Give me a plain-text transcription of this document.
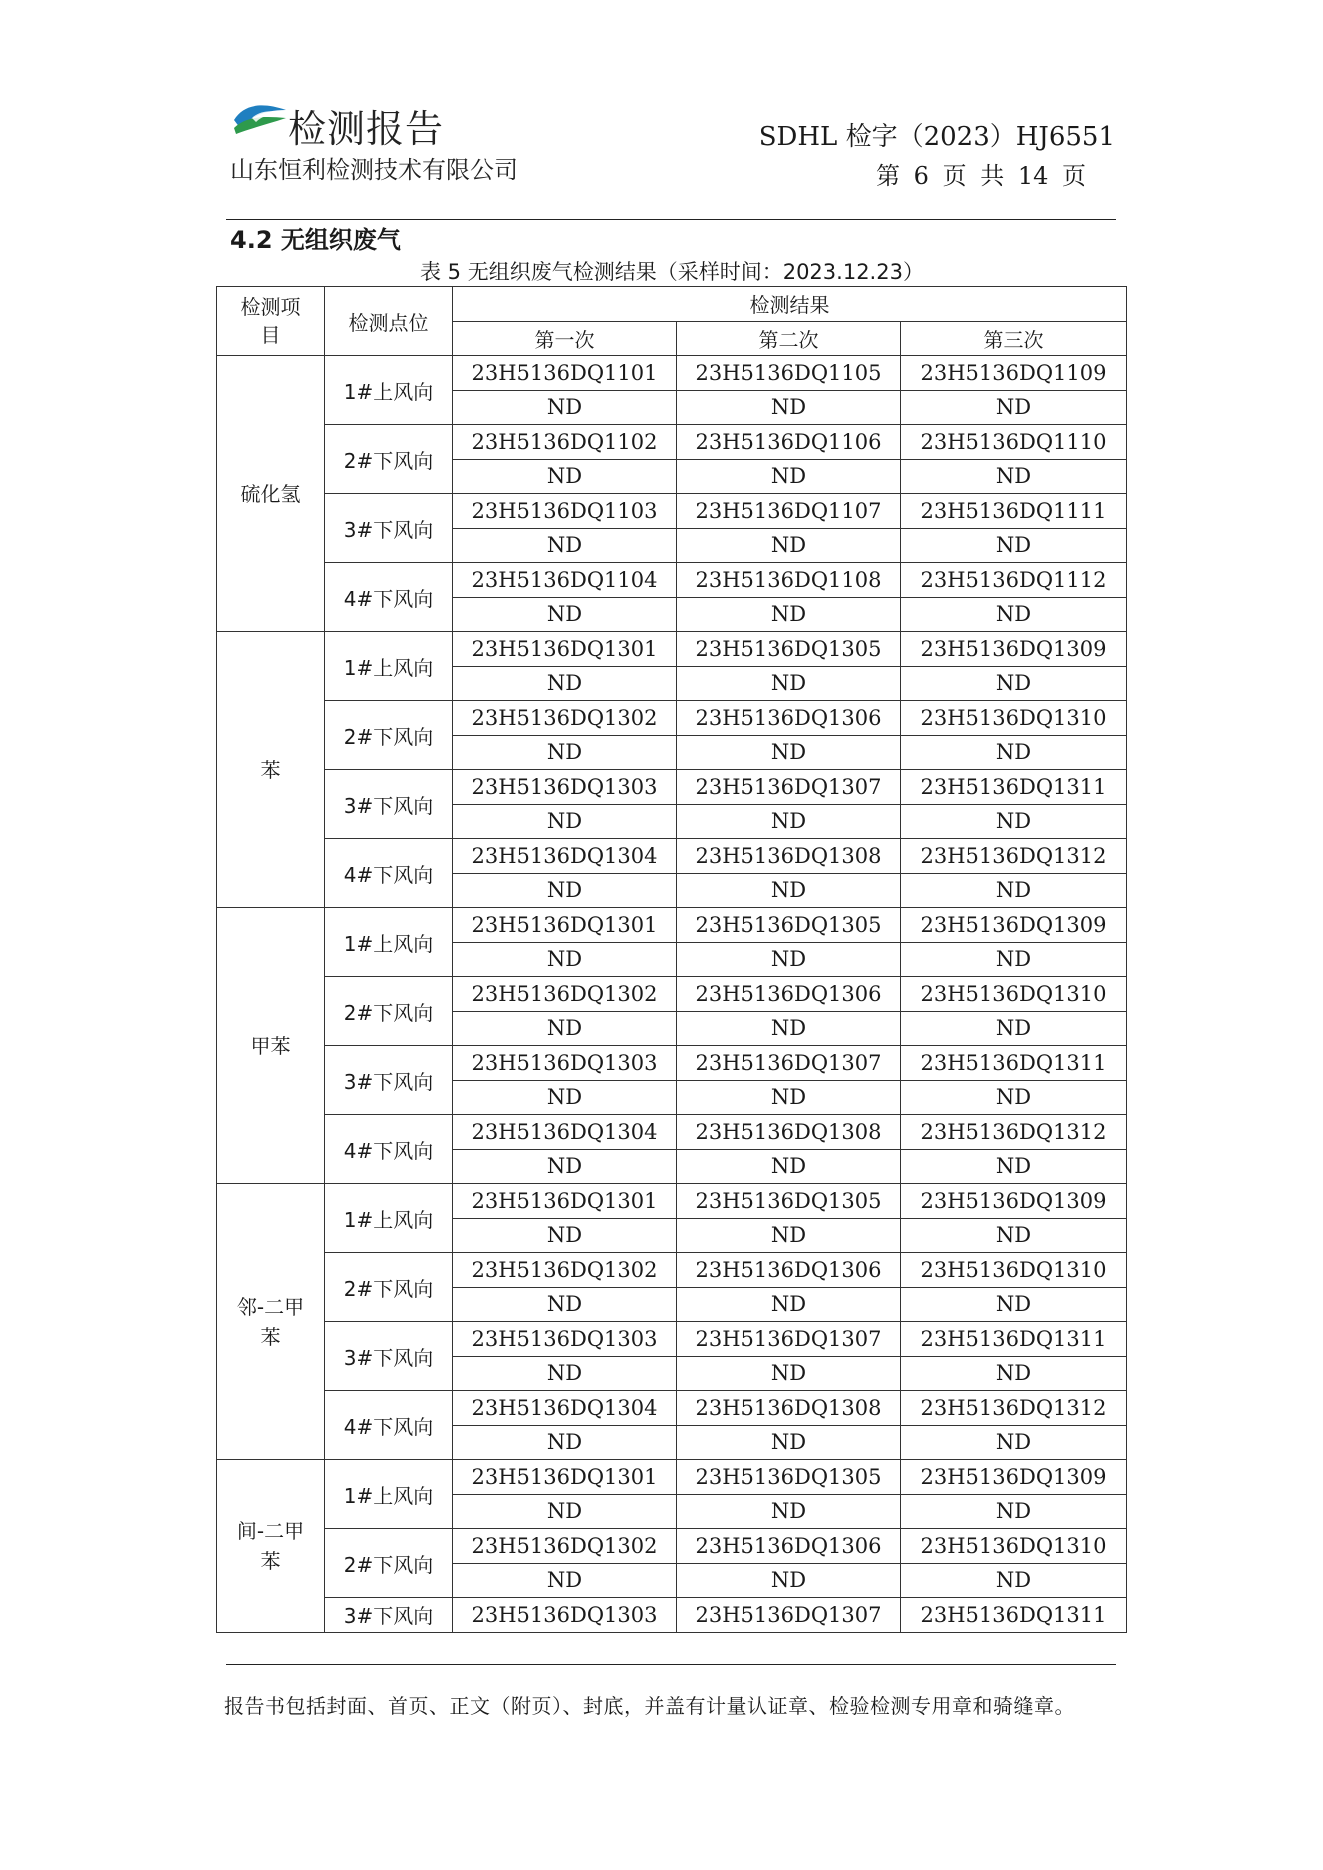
检测报告
山东恒利检测技术有限公司
SDHL 检字（2023）HJ6551
第 6 页 共 14 页
4.2 无组织废气
表 5 无组织废气检测结果（采样时间：2023.12.23）
检测项目	检测点位	检测结果		
		第一次	第二次	第三次
硫化氢	1#上风向	23H5136DQ1101	23H5136DQ1105	23H5136DQ1109
		ND	ND	ND
	2#下风向	23H5136DQ1102	23H5136DQ1106	23H5136DQ1110
		ND	ND	ND
	3#下风向	23H5136DQ1103	23H5136DQ1107	23H5136DQ1111
		ND	ND	ND
	4#下风向	23H5136DQ1104	23H5136DQ1108	23H5136DQ1112
		ND	ND	ND
苯	1#上风向	23H5136DQ1301	23H5136DQ1305	23H5136DQ1309
		ND	ND	ND
	2#下风向	23H5136DQ1302	23H5136DQ1306	23H5136DQ1310
		ND	ND	ND
	3#下风向	23H5136DQ1303	23H5136DQ1307	23H5136DQ1311
		ND	ND	ND
	4#下风向	23H5136DQ1304	23H5136DQ1308	23H5136DQ1312
		ND	ND	ND
甲苯	1#上风向	23H5136DQ1301	23H5136DQ1305	23H5136DQ1309
		ND	ND	ND
	2#下风向	23H5136DQ1302	23H5136DQ1306	23H5136DQ1310
		ND	ND	ND
	3#下风向	23H5136DQ1303	23H5136DQ1307	23H5136DQ1311
		ND	ND	ND
	4#下风向	23H5136DQ1304	23H5136DQ1308	23H5136DQ1312
		ND	ND	ND
邻-二甲苯	1#上风向	23H5136DQ1301	23H5136DQ1305	23H5136DQ1309
		ND	ND	ND
	2#下风向	23H5136DQ1302	23H5136DQ1306	23H5136DQ1310
		ND	ND	ND
	3#下风向	23H5136DQ1303	23H5136DQ1307	23H5136DQ1311
		ND	ND	ND
	4#下风向	23H5136DQ1304	23H5136DQ1308	23H5136DQ1312
		ND	ND	ND
间-二甲苯	1#上风向	23H5136DQ1301	23H5136DQ1305	23H5136DQ1309
		ND	ND	ND
	2#下风向	23H5136DQ1302	23H5136DQ1306	23H5136DQ1310
		ND	ND	ND
	3#下风向	23H5136DQ1303	23H5136DQ1307	23H5136DQ1311
报告书包括封面、首页、正文（附页）、封底，并盖有计量认证章、检验检测专用章和骑缝章。
